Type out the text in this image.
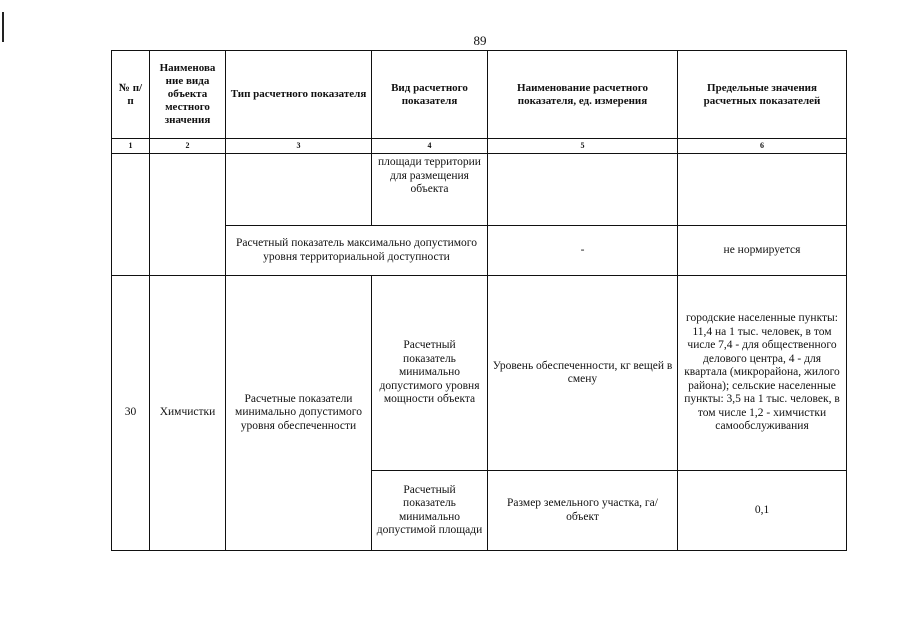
89
№ п/п	Наименова ние вида объекта местного значения	Тип расчетного показателя	Вид расчетного показателя	Наименование расчетного показателя, ед. измерения	Предельные значения расчетных показателей
1	2	3	4	5	6
			площади территории для размещения объекта		
		Расчетный показатель максимально допустимого уровня территориальной доступности		-	не нормируется
30	Химчистки	Расчетные показатели минимально допустимого уровня обеспеченности	Расчетный показатель минимально допустимого уровня мощности объекта	Уровень обеспеченности, кг вещей в смену	городские населенные пункты: 11,4 на 1 тыс. человек, в том числе 7,4 - для общественного делового центра, 4 - для квартала (микрорайона, жилого района); сельские населенные пункты: 3,5 на 1 тыс. человек, в том числе 1,2 - химчистки самообслуживания
			Расчетный показатель минимально допустимой площади	Размер земельного участка, га/объект	0,1
